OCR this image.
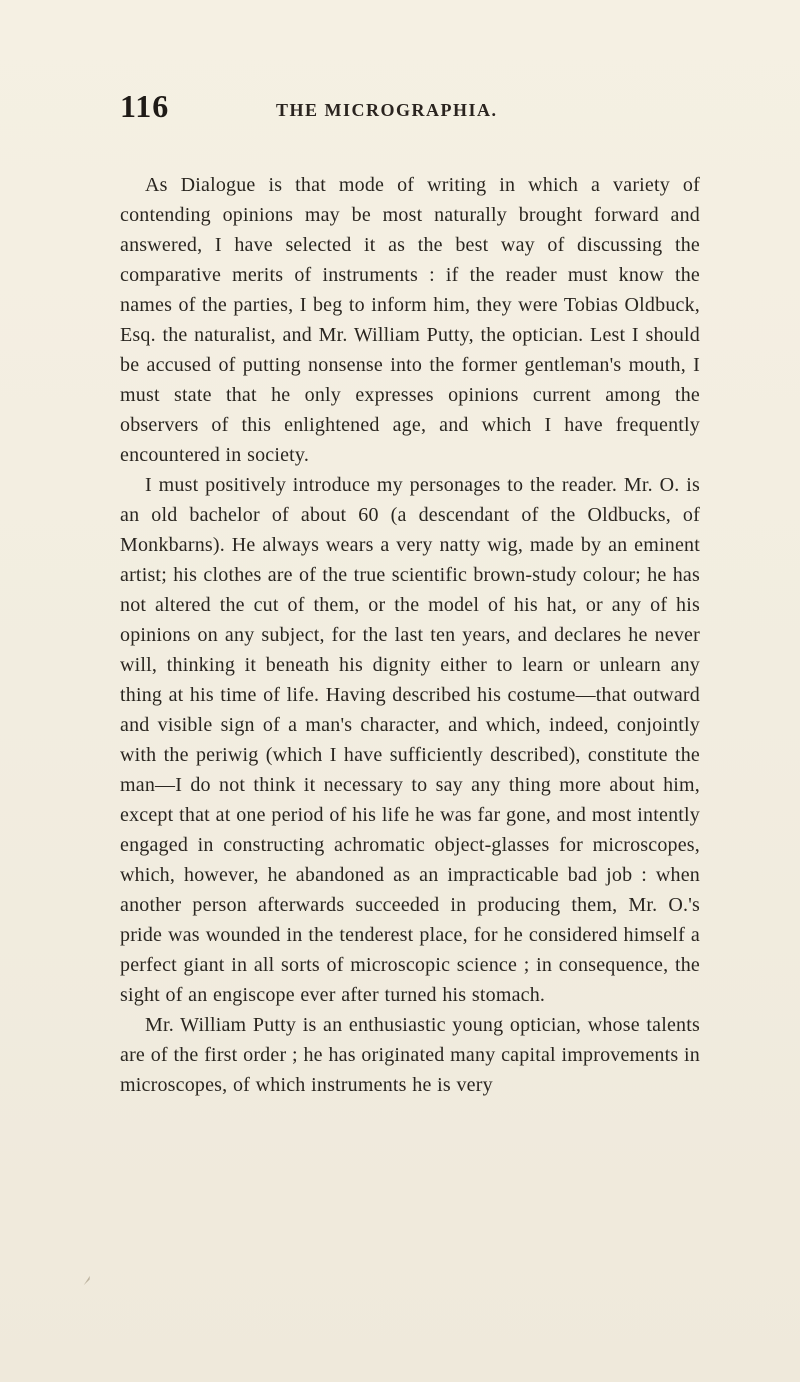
116	THE MICROGRAPHIA.

As Dialogue is that mode of writing in which a variety of contending opinions may be most naturally brought forward and answered, I have selected it as the best way of discussing the comparative merits of instruments : if the reader must know the names of the parties, I beg to inform him, they were Tobias Oldbuck, Esq. the naturalist, and Mr. William Putty, the optician. Lest I should be accused of putting nonsense into the former gentleman's mouth, I must state that he only expresses opinions current among the observers of this enlightened age, and which I have frequently encountered in society.

I must positively introduce my personages to the reader. Mr. O. is an old bachelor of about 60 (a descendant of the Oldbucks, of Monkbarns). He always wears a very natty wig, made by an eminent artist; his clothes are of the true scientific brown-study colour; he has not altered the cut of them, or the model of his hat, or any of his opinions on any subject, for the last ten years, and declares he never will, thinking it beneath his dignity either to learn or unlearn any thing at his time of life. Having described his costume—that outward and visible sign of a man's character, and which, indeed, conjointly with the periwig (which I have sufficiently described), constitute the man—I do not think it necessary to say any thing more about him, except that at one period of his life he was far gone, and most intently engaged in constructing achromatic object-glasses for microscopes, which, however, he abandoned as an impracticable bad job : when another person afterwards succeeded in producing them, Mr. O.'s pride was wounded in the tenderest place, for he considered himself a perfect giant in all sorts of microscopic science ; in consequence, the sight of an engiscope ever after turned his stomach.

Mr. William Putty is an enthusiastic young optician, whose talents are of the first order ; he has originated many capital improvements in microscopes, of which instruments he is very
